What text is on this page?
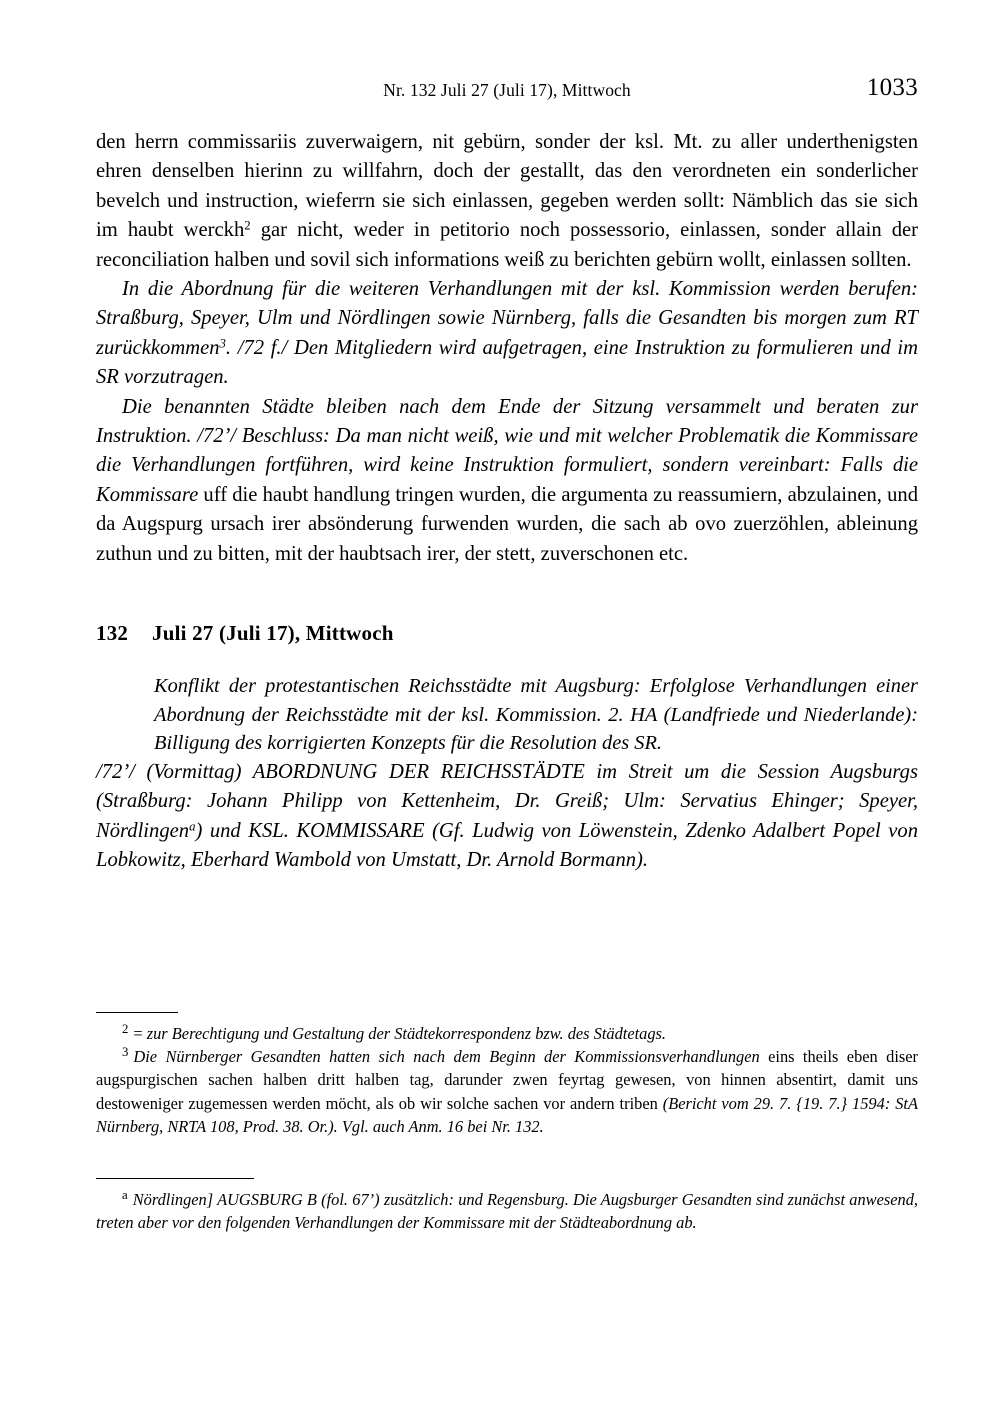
Nr. 132 Juli 27 (Juli 17), Mittwoch	1033

den herrn commissariis zuverwaigern, nit gebürn, sonder der ksl. Mt. zu aller underthenigsten ehren denselben hierinn zu willfahrn, doch der gestallt, das den verordneten ein sonderlicher bevelch und instruction, wieferrn sie sich einlassen, gegeben werden sollt: Nämblich das sie sich im haubt werckh$^2$ gar nicht, weder in petitorio noch possessorio, einlassen, sonder allain der reconciliation halben und sovil sich informations weiß zu berichten gebürn wollt, einlassen sollten.

In die Abordnung für die weiteren Verhandlungen mit der ksl. Kommission werden berufen: Straßburg, Speyer, Ulm und Nördlingen sowie Nürnberg, falls die Gesandten bis morgen zum RT zurückkommen$^3$. /72 f./ Den Mitgliedern wird aufgetragen, eine Instruktion zu formulieren und im SR vorzutragen.

Die benannten Städte bleiben nach dem Ende der Sitzung versammelt und beraten zur Instruktion. /72’/ Beschluss: Da man nicht weiß, wie und mit welcher Problematik die Kommissare die Verhandlungen fortführen, wird keine Instruktion formuliert, sondern vereinbart: Falls die Kommissare uff die haubt handlung tringen wurden, die argumenta zu reassumiern, abzulainen, und da Augspurg ursach irer absönderung furwenden wurden, die sach ab ovo zuerzöhlen, ableinung zuthun und zu bitten, mit der haubtsach irer, der stett, zuverschonen etc.

132 Juli 27 (Juli 17), Mittwoch

Konflikt der protestantischen Reichsstädte mit Augsburg: Erfolglose Verhandlungen einer Abordnung der Reichsstädte mit der ksl. Kommission. 2. HA (Landfriede und Niederlande): Billigung des korrigierten Konzepts für die Resolution des SR.

/72’/ (Vormittag) ABORDNUNG DER REICHSSTÄDTE im Streit um die Session Augsburgs (Straßburg: Johann Philipp von Kettenheim, Dr. Greiß; Ulm: Servatius Ehinger; Speyer, Nördlingen$^a$) und KSL. KOMMISSARE (Gf. Ludwig von Löwenstein, Zdenko Adalbert Popel von Lobkowitz, Eberhard Wambold von Umstatt, Dr. Arnold Bormann).

$^2$ = zur Berechtigung und Gestaltung der Städtekorrespondenz bzw. des Städtetags.

$^3$ Die Nürnberger Gesandten hatten sich nach dem Beginn der Kommissionsverhandlungen eins theils eben diser augspurgischen sachen halben dritt halben tag, darunder zwen feyrtag gewesen, von hinnen absentirt, damit uns destoweniger zugemessen werden möcht, als ob wir solche sachen vor andern triben (Bericht vom 29. 7. {19. 7.} 1594: StA Nürnberg, NRTA 108, Prod. 38. Or.). Vgl. auch Anm. 16 bei Nr. 132.

$^a$ Nördlingen] AUGSBURG B (fol. 67’) zusätzlich: und Regensburg. Die Augsburger Gesandten sind zunächst anwesend, treten aber vor den folgenden Verhandlungen der Kommissare mit der Städteabordnung ab.
